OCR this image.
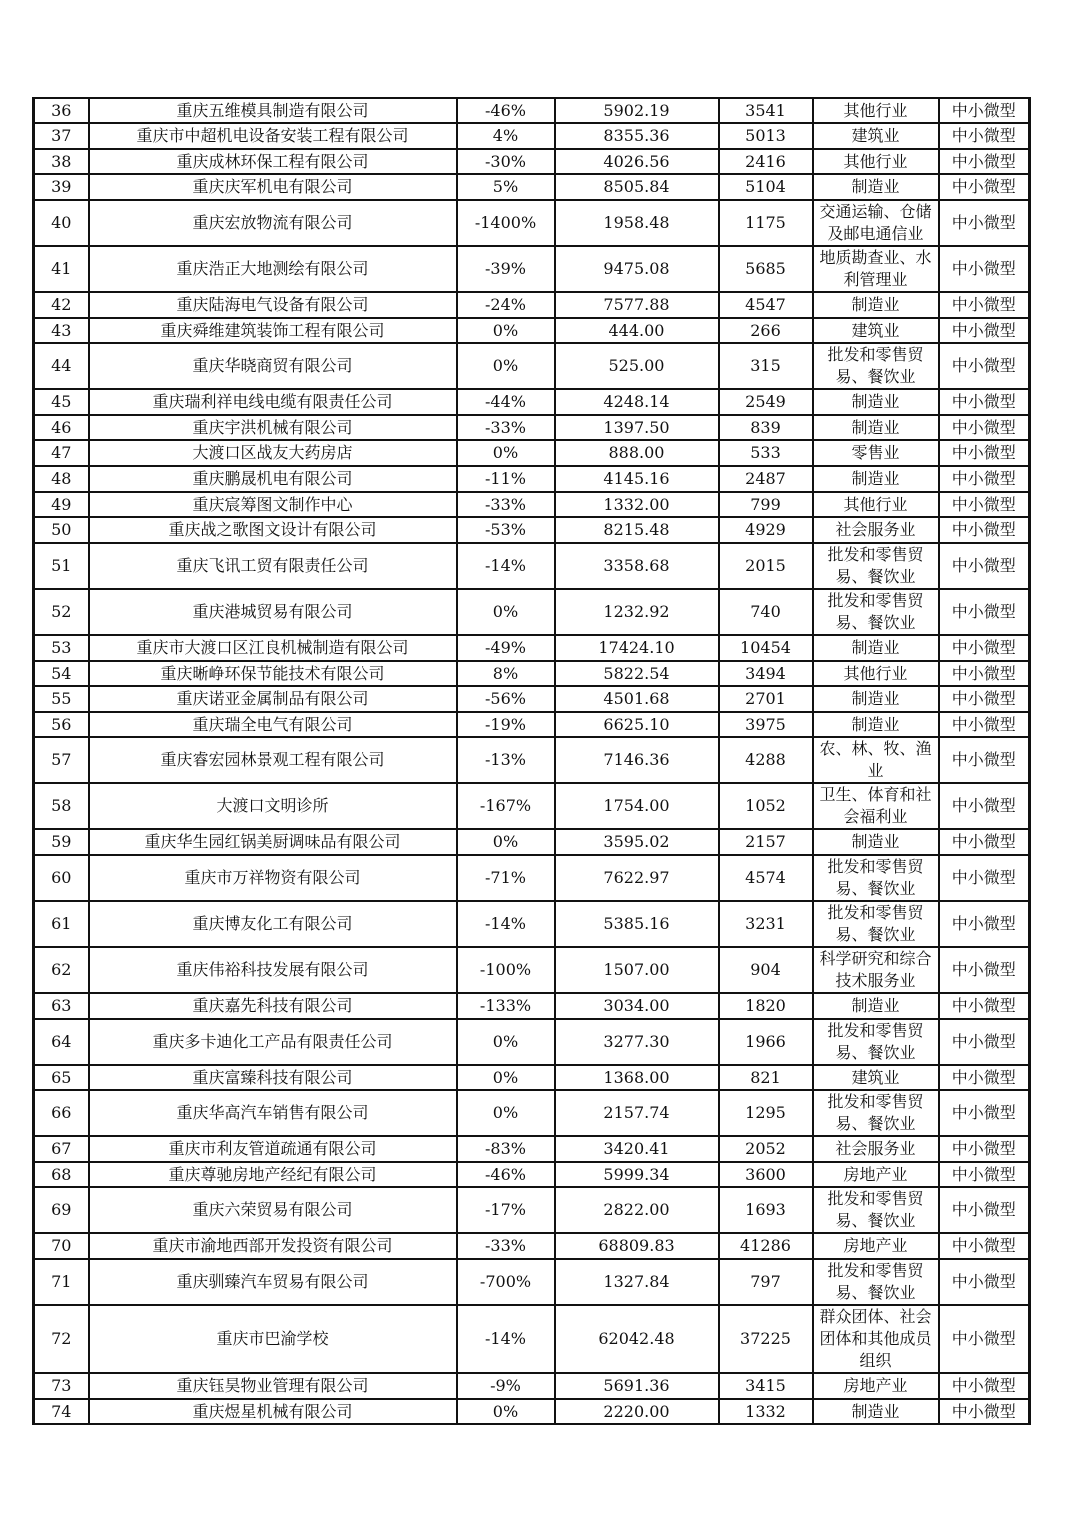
36	重庆五维模具制造有限公司	-46%	5902.19	3541	其他行业	中小微型
37	重庆市中超机电设备安装工程有限公司	4%	8355.36	5013	建筑业	中小微型
38	重庆成林环保工程有限公司	-30%	4026.56	2416	其他行业	中小微型
39	重庆庆军机电有限公司	5%	8505.84	5104	制造业	中小微型
40	重庆宏放物流有限公司	-1400%	1958.48	1175	交通运输、仓储及邮电通信业	中小微型
41	重庆浩正大地测绘有限公司	-39%	9475.08	5685	地质勘查业、水利管理业	中小微型
42	重庆陆海电气设备有限公司	-24%	7577.88	4547	制造业	中小微型
43	重庆舜维建筑装饰工程有限公司	0%	444.00	266	建筑业	中小微型
44	重庆华晓商贸有限公司	0%	525.00	315	批发和零售贸易、餐饮业	中小微型
45	重庆瑞利祥电线电缆有限责任公司	-44%	4248.14	2549	制造业	中小微型
46	重庆宇洪机械有限公司	-33%	1397.50	839	制造业	中小微型
47	大渡口区战友大药房店	0%	888.00	533	零售业	中小微型
48	重庆鹏晟机电有限公司	-11%	4145.16	2487	制造业	中小微型
49	重庆宸筹图文制作中心	-33%	1332.00	799	其他行业	中小微型
50	重庆战之歌图文设计有限公司	-53%	8215.48	4929	社会服务业	中小微型
51	重庆飞讯工贸有限责任公司	-14%	3358.68	2015	批发和零售贸易、餐饮业	中小微型
52	重庆港城贸易有限公司	0%	1232.92	740	批发和零售贸易、餐饮业	中小微型
53	重庆市大渡口区江良机械制造有限公司	-49%	17424.10	10454	制造业	中小微型
54	重庆晰峥环保节能技术有限公司	8%	5822.54	3494	其他行业	中小微型
55	重庆诺亚金属制品有限公司	-56%	4501.68	2701	制造业	中小微型
56	重庆瑞全电气有限公司	-19%	6625.10	3975	制造业	中小微型
57	重庆睿宏园林景观工程有限公司	-13%	7146.36	4288	农、林、牧、渔业	中小微型
58	大渡口文明诊所	-167%	1754.00	1052	卫生、体育和社会福利业	中小微型
59	重庆华生园红锅美厨调味品有限公司	0%	3595.02	2157	制造业	中小微型
60	重庆市万祥物资有限公司	-71%	7622.97	4574	批发和零售贸易、餐饮业	中小微型
61	重庆博友化工有限公司	-14%	5385.16	3231	批发和零售贸易、餐饮业	中小微型
62	重庆伟裕科技发展有限公司	-100%	1507.00	904	科学研究和综合技术服务业	中小微型
63	重庆嘉先科技有限公司	-133%	3034.00	1820	制造业	中小微型
64	重庆多卡迪化工产品有限责任公司	0%	3277.30	1966	批发和零售贸易、餐饮业	中小微型
65	重庆富臻科技有限公司	0%	1368.00	821	建筑业	中小微型
66	重庆华高汽车销售有限公司	0%	2157.74	1295	批发和零售贸易、餐饮业	中小微型
67	重庆市利友管道疏通有限公司	-83%	3420.41	2052	社会服务业	中小微型
68	重庆尊驰房地产经纪有限公司	-46%	5999.34	3600	房地产业	中小微型
69	重庆六荣贸易有限公司	-17%	2822.00	1693	批发和零售贸易、餐饮业	中小微型
70	重庆市渝地西部开发投资有限公司	-33%	68809.83	41286	房地产业	中小微型
71	重庆驯臻汽车贸易有限公司	-700%	1327.84	797	批发和零售贸易、餐饮业	中小微型
72	重庆市巴渝学校	-14%	62042.48	37225	群众团体、社会团体和其他成员组织	中小微型
73	重庆钰昊物业管理有限公司	-9%	5691.36	3415	房地产业	中小微型
74	重庆煜星机械有限公司	0%	2220.00	1332	制造业	中小微型
